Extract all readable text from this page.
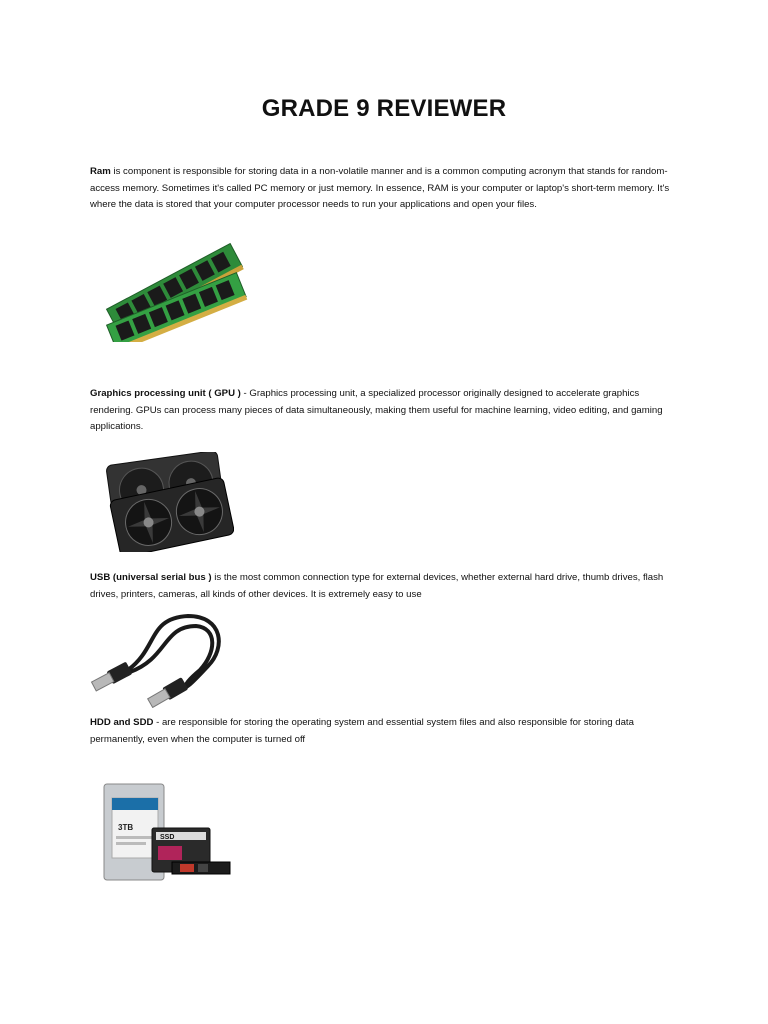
GRADE 9 REVIEWER

Ram is component is responsible for storing data in a non-volatile manner and is a common computing acronym that stands for random-access memory. Sometimes it's called PC memory or just memory. In essence, RAM is your computer or laptop's short-term memory. It's where the data is stored that your computer processor needs to run your applications and open your files.

Graphics processing unit ( GPU ) - Graphics processing unit, a specialized processor originally designed to accelerate graphics rendering. GPUs can process many pieces of data simultaneously, making them useful for machine learning, video editing, and gaming applications.

USB (universal serial bus ) is the most common connection type for external devices, whether external hard drive, thumb drives, flash drives, printers, cameras, all kinds of other devices. It is extremely easy to use

HDD and SDD - are responsible for storing the operating system and essential system files and also responsible for storing data permanently, even when the computer is turned off

3TB
SSD
